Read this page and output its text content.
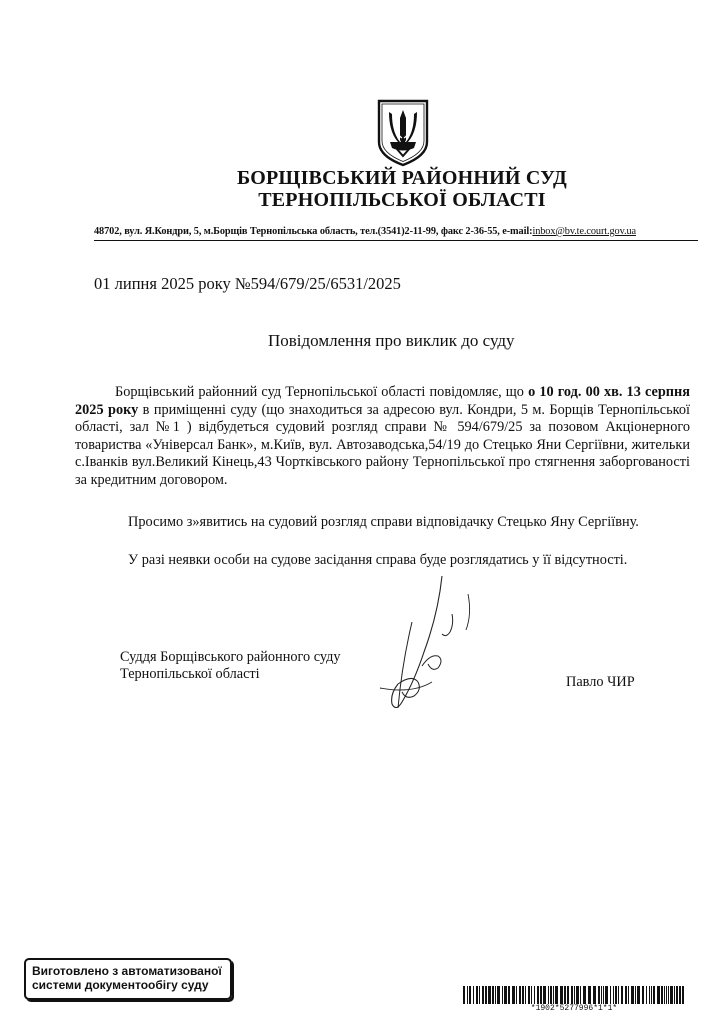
БОРЩІВСЬКИЙ РАЙОННИЙ СУД
ТЕРНОПІЛЬСЬКОЇ ОБЛАСТІ
48702, вул. Я.Кондри, 5, м.Борщів Тернопільська область, тел.(3541)2-11-99, факс 2-36-55, e-mail:inbox@bv.te.court.gov.ua
01 липня 2025 року №594/679/25/6531/2025
Повідомлення про виклик до суду

Борщівський районний суд Тернопільської області повідомляє, що о 10 год. 00 хв. 13 серпня 2025 року в приміщенні суду (що знаходиться за адресою вул. Кондри, 5 м. Борщів Тернопільської області, зал №1 ) відбудеться судовий розгляд справи № 594/679/25 за позовом Акціонерного товариства «Універсал Банк», м.Київ, вул. Автозаводська,54/19 до Стецько Яни Сергіївни, жительки с.Іванків вул.Великий Кінець,43 Чортківського району Тернопільської про стягнення заборгованості за кредитним договором.

Просимо з»явитись на судовий розгляд справи відповідачку Стецько Яну Сергіївну.
У разі неявки особи на судове засідання справа буде розглядатись у її відсутності.
Суддя Борщівського районного суду
Тернопільської області	Павло ЧИР
Виготовлено з автоматизованої
системи документообігу суду
*1902*5277996*1*1*
